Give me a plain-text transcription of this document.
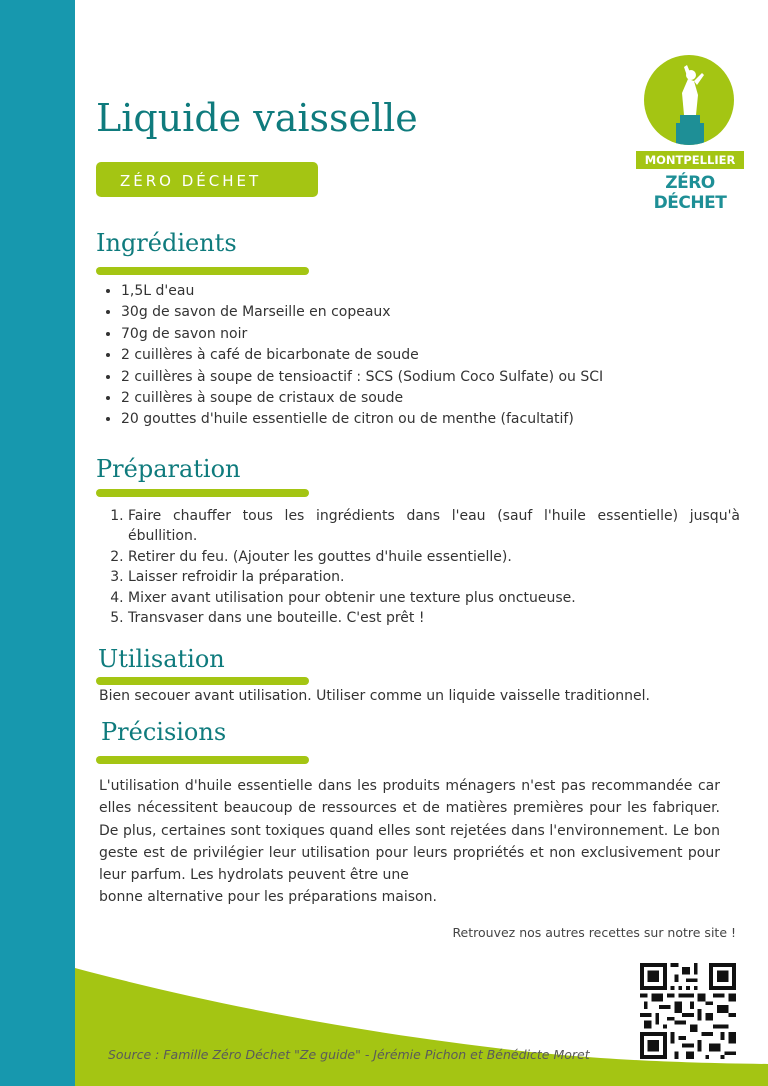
Liquide vaisselle
ZÉRO DÉCHET
MONTPELLIER
ZÉRO DÉCHET
Ingrédients
• 1,5L d'eau
• 30g de savon de Marseille en copeaux
• 70g de savon noir
• 2 cuillères à café de bicarbonate de soude
• 2 cuillères à soupe de tensioactif : SCS (Sodium Coco Sulfate) ou SCI
• 2 cuillères à soupe de cristaux de soude
• 20 gouttes d'huile essentielle de citron ou de menthe (facultatif)
Préparation
1. Faire chauffer tous les ingrédients dans l'eau (sauf l'huile essentielle) jusqu'à ébullition.
2. Retirer du feu. (Ajouter les gouttes d'huile essentielle).
3. Laisser refroidir la préparation.
4. Mixer avant utilisation pour obtenir une texture plus onctueuse.
5. Transvaser dans une bouteille. C'est prêt !
Utilisation

Bien secouer avant utilisation. Utiliser comme un liquide vaisselle traditionnel.

Précisions

L'utilisation d'huile essentielle dans les produits ménagers n'est pas recommandée car elles nécessitent beaucoup de ressources et de matières premières pour les fabriquer. De plus, certaines sont toxiques quand elles sont rejetées dans l'environnement. Le bon geste est de privilégier leur utilisation pour leurs propriétés et non exclusivement pour leur parfum. Les hydrolats peuvent être une
bonne alternative pour les préparations maison.

Retrouvez nos autres recettes sur notre site !

Source : Famille Zéro Déchet "Ze guide" - Jérémie Pichon et Bénédicte Moret
